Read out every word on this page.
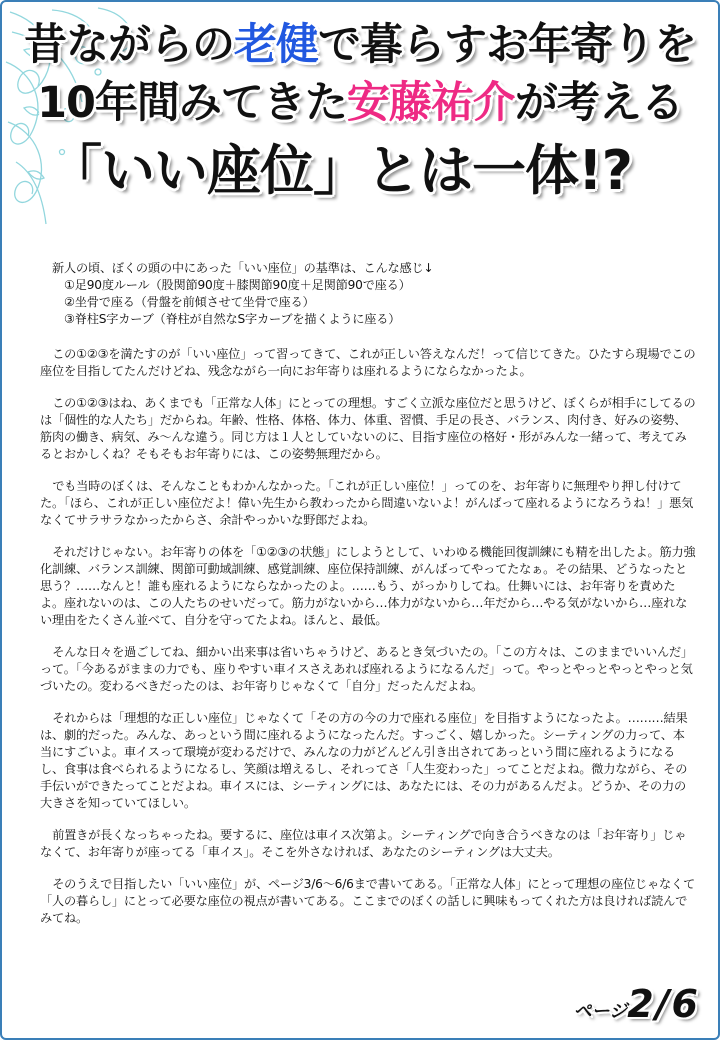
昔ながらの老健で暮らすお年寄りを
10年間みてきた安藤祐介が考える
「いい座位」とは一体!?
新人の頃、ぼくの頭の中にあった「いい座位」の基準は、こんな感じ↓
①足90度ルール（股関節90度＋膝関節90度＋足関節90で座る）
②坐骨で座る（骨盤を前傾させて坐骨で座る）
③脊柱S字カーブ（脊柱が自然なS字カーブを描くように座る）

この①②③を満たすのが「いい座位」って習ってきて、これが正しい答えなんだ！って信じてきた。ひたすら現場でこの座位を目指してたんだけどね、残念ながら一向にお年寄りは座れるようにならなかったよ。

この①②③はね、あくまでも「正常な人体」にとっての理想。すごく立派な座位だと思うけど、ぼくらが相手にしてるのは「個性的な人たち」だからね。年齢、性格、体格、体力、体重、習慣、手足の長さ、バランス、肉付き、好みの姿勢、筋肉の働き、病気、み～んな違う。同じ方は１人としていないのに、目指す座位の格好・形がみんな一緒って、考えてみるとおかしくね？そもそもお年寄りには、この姿勢無理だから。

でも当時のぼくは、そんなこともわかんなかった。「これが正しい座位！」ってのを、お年寄りに無理やり押し付けてた。「ほら、これが正しい座位だよ！偉い先生から教わったから間違いないよ！がんばって座れるようになろうね！」悪気なくてサラサラなかったからさ、余計やっかいな野郎だよね。

それだけじゃない。お年寄りの体を「①②③の状態」にしようとして、いわゆる機能回復訓練にも精を出したよ。筋力強化訓練、バランス訓練、関節可動域訓練、感覚訓練、座位保持訓練、がんばってやってたなぁ。その結果、どうなったと思う？……なんと！誰も座れるようにならなかったのよ。……もう、がっかりしてね。仕舞いには、お年寄りを責めたよ。座れないのは、この人たちのせいだって。筋力がないから…体力がないから…年だから…やる気がないから…座れない理由をたくさん並べて、自分を守ってたよね。ほんと、最低。

そんな日々を過ごしてね、細かい出来事は省いちゃうけど、あるとき気づいたの。「この方々は、このままでいいんだ」って。「今あるがままの力でも、座りやすい車イスさえあれば座れるようになるんだ」って。やっとやっとやっとやっと気づいたの。変わるべきだったのは、お年寄りじゃなくて「自分」だったんだよね。

それからは「理想的な正しい座位」じゃなくて「その方の今の力で座れる座位」を目指すようになったよ。………結果は、劇的だった。みんな、あっという間に座れるようになったんだ。すっごく、嬉しかった。シーティングの力って、本当にすごいよ。車イスって環境が変わるだけで、みんなの力がどんどん引き出されてあっという間に座れるようになるし、食事は食べられるようになるし、笑顔は増えるし、それってさ「人生変わった」ってことだよね。微力ながら、その手伝いができたってことだよね。車イスには、シーティングには、あなたには、その力があるんだよ。どうか、その力の大きさを知っていてほしい。

前置きが長くなっちゃったね。要するに、座位は車イス次第よ。シーティングで向き合うべきなのは「お年寄り」じゃなくて、お年寄りが座ってる「車イス」。そこを外さなければ、あなたのシーティングは大丈夫。

そのうえで目指したい「いい座位」が、ページ3/6～6/6まで書いてある。「正常な人体」にとって理想の座位じゃなくて「人の暮らし」にとって必要な座位の視点が書いてある。ここまでのぼくの話しに興味もってくれた方は良ければ読んでみてね。

ページ2/6
